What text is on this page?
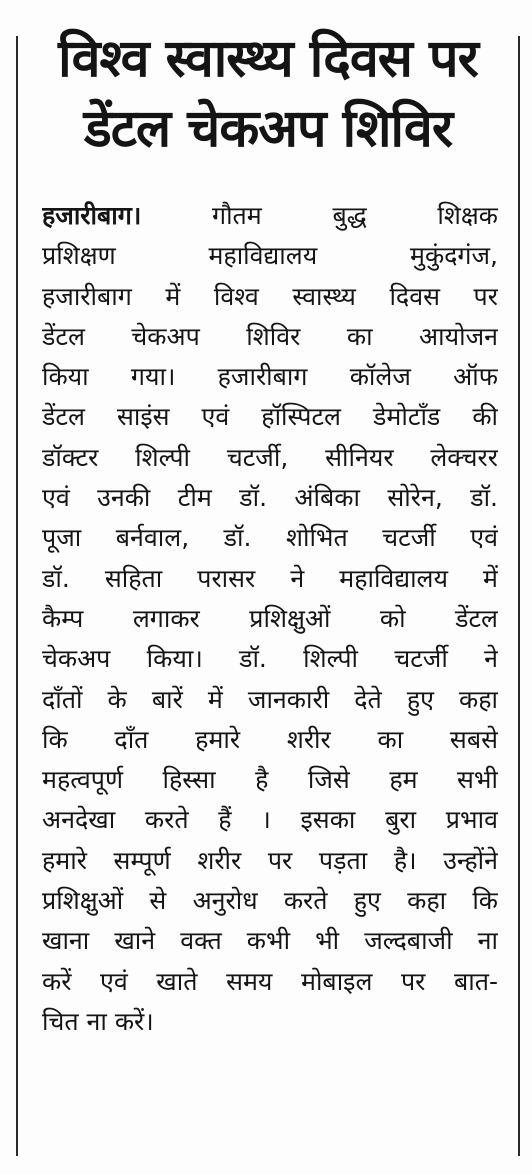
विश्व स्वास्थ्य दिवस पर
डेंटल चेकअप शिविर
हजारीबाग। गौतम बुद्ध शिक्षक
प्रशिक्षण महाविद्यालय मुकुंदगंज,
हजारीबाग में विश्व स्वास्थ्य दिवस पर
डेंटल चेकअप शिविर का आयोजन
किया गया। हजारीबाग कॉलेज ऑफ
डेंटल साइंस एवं हॉस्पिटल डेमोटाँड की
डॉक्टर शिल्पी चटर्जी, सीनियर लेक्चरर
एवं उनकी टीम डॉ. अंबिका सोरेन, डॉ.
पूजा बर्नवाल, डॉ. शोभित चटर्जी एवं
डॉ. सहिता परासर ने महाविद्यालय में
कैम्प लगाकर प्रशिक्षुओं को डेंटल
चेकअप किया। डॉ. शिल्पी चटर्जी ने
दाँतों के बारें में जानकारी देते हुए कहा
कि दाँत हमारे शरीर का सबसे
महत्वपूर्ण हिस्सा है जिसे हम सभी
अनदेखा करते हैं । इसका बुरा प्रभाव
हमारे सम्पूर्ण शरीर पर पड़ता है। उन्होंने
प्रशिक्षुओं से अनुरोध करते हुए कहा कि
खाना खाने वक्त कभी भी जल्दबाजी ना
करें एवं खाते समय मोबाइल पर बात-
चित ना करें।
